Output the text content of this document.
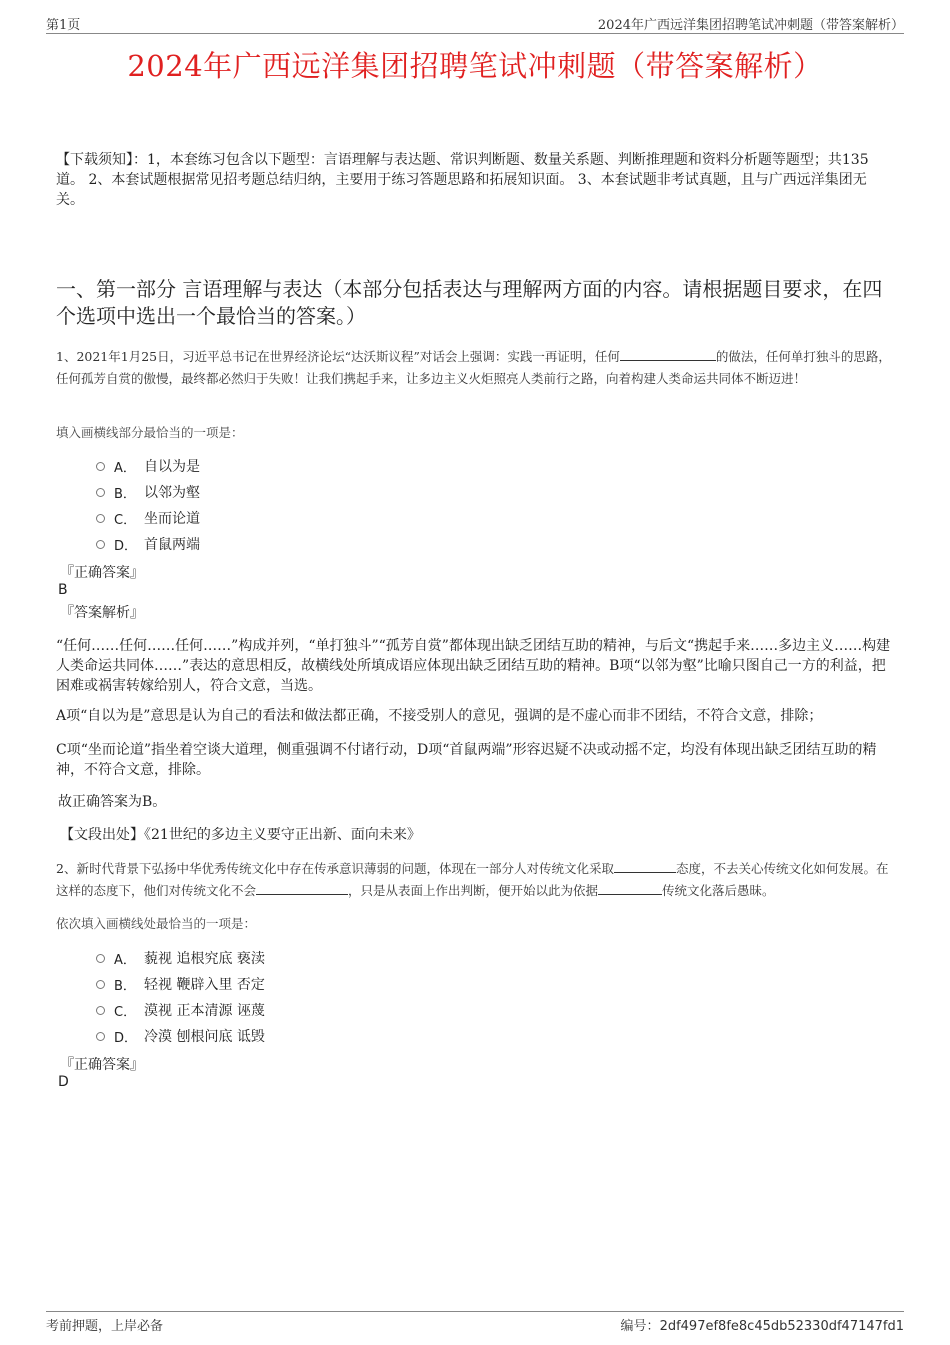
第1页	2024年广西远洋集团招聘笔试冲刺题（带答案解析）
2024年广西远洋集团招聘笔试冲刺题（带答案解析）
【下载须知】：1，本套练习包含以下题型：言语理解与表达题、常识判断题、数量关系题、判断推理题和资料分析题等题型；共135道。 2、本套试题根据常见招考题总结归纳，主要用于练习答题思路和拓展知识面。 3、本套试题非考试真题，且与广西远洋集团无关。
一、第一部分 言语理解与表达（本部分包括表达与理解两方面的内容。请根据题目要求，在四个选项中选出一个最恰当的答案。）
1、2021年1月25日，习近平总书记在世界经济论坛“达沃斯议程”对话会上强调：实践一再证明，任何	的做法，任何单打独斗的思路，任何孤芳自赏的傲慢，最终都必然归于失败！让我们携起手来，让多边主义火炬照亮人类前行之路，向着构建人类命运共同体不断迈进！
填入画横线部分最恰当的一项是：
A． 自以为是
B． 以邻为壑
C． 坐而论道
D． 首鼠两端
『正确答案』
B
『答案解析』
“任何……任何……任何……”构成并列，“单打独斗”“孤芳自赏”都体现出缺乏团结互助的精神，与后文“携起手来……多边主义……构建人类命运共同体……”表达的意思相反，故横线处所填成语应体现出缺乏团结互助的精神。B项“以邻为壑”比喻只图自己一方的利益，把困难或祸害转嫁给别人，符合文意，当选。
A项“自以为是”意思是认为自己的看法和做法都正确，不接受别人的意见，强调的是不虚心而非不团结，不符合文意，排除；
C项“坐而论道”指坐着空谈大道理，侧重强调不付诸行动，D项“首鼠两端”形容迟疑不决或动摇不定，均没有体现出缺乏团结互助的精神，不符合文意，排除。
故正确答案为B。
【文段出处】《21世纪的多边主义要守正出新、面向未来》
2、新时代背景下弘扬中华优秀传统文化中存在传承意识薄弱的问题，体现在一部分人对传统文化采取	态度，不去关心传统文化如何发展。在这样的态度下，他们对传统文化不会	，只是从表面上作出判断，便开始以此为依据	传统文化落后愚昧。
依次填入画横线处最恰当的一项是：
A． 藐视 追根究底 亵渎
B． 轻视 鞭辟入里 否定
C． 漠视 正本清源 诬蔑
D． 冷漠 刨根问底 诋毁
『正确答案』
D
考前押题，上岸必备	编号：2df497ef8fe8c45db52330df47147fd1
